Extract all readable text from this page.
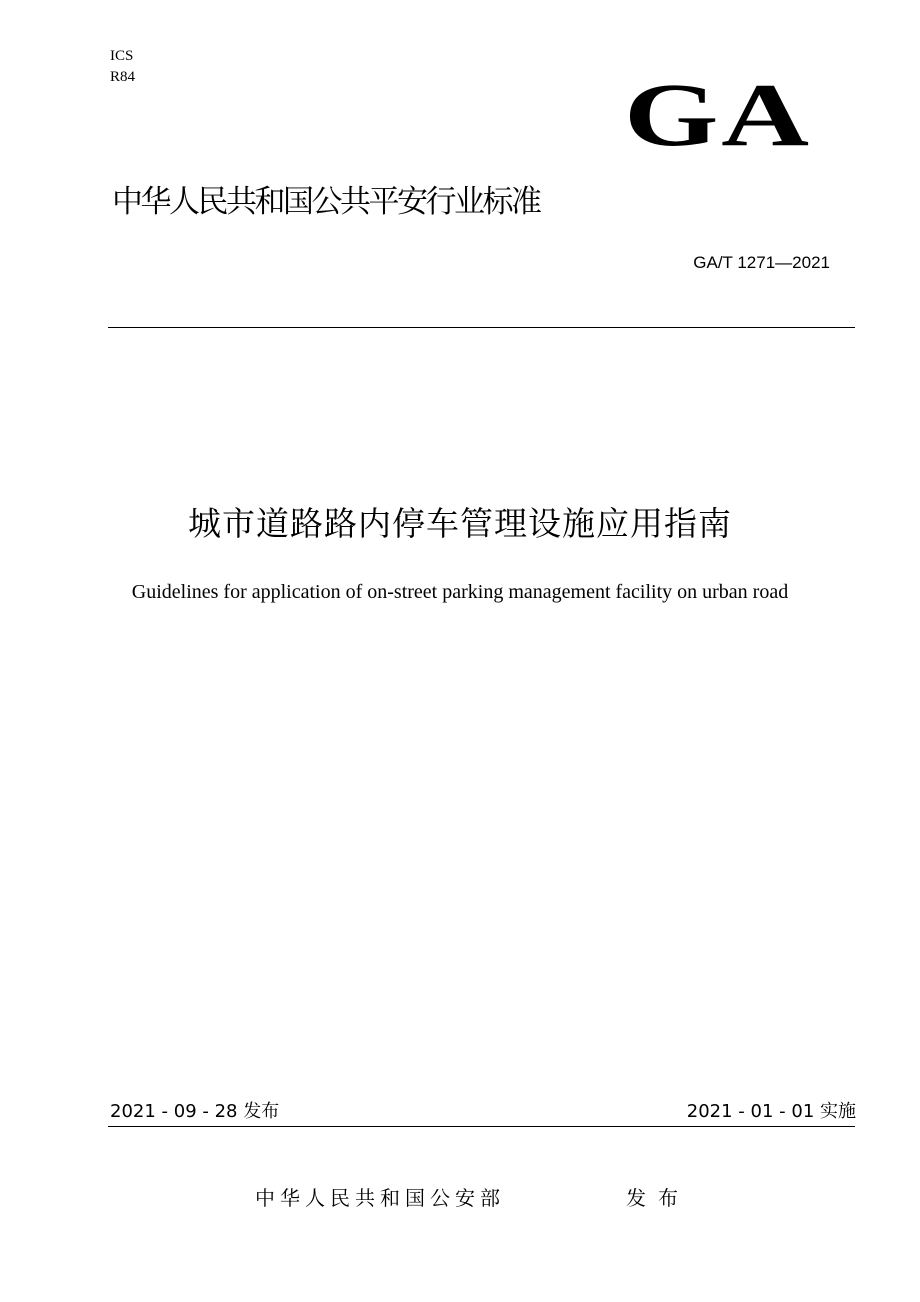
ICS
R84	GA
中华人民共和国公共平安行业标准
GA/T 1271—2021
城市道路路内停车管理设施应用指南
Guidelines for application of on-street parking management facility on urban road
2021 - 09 - 28 发布	2021 - 01 - 01 实施
中华人民共和国公安部	发布
